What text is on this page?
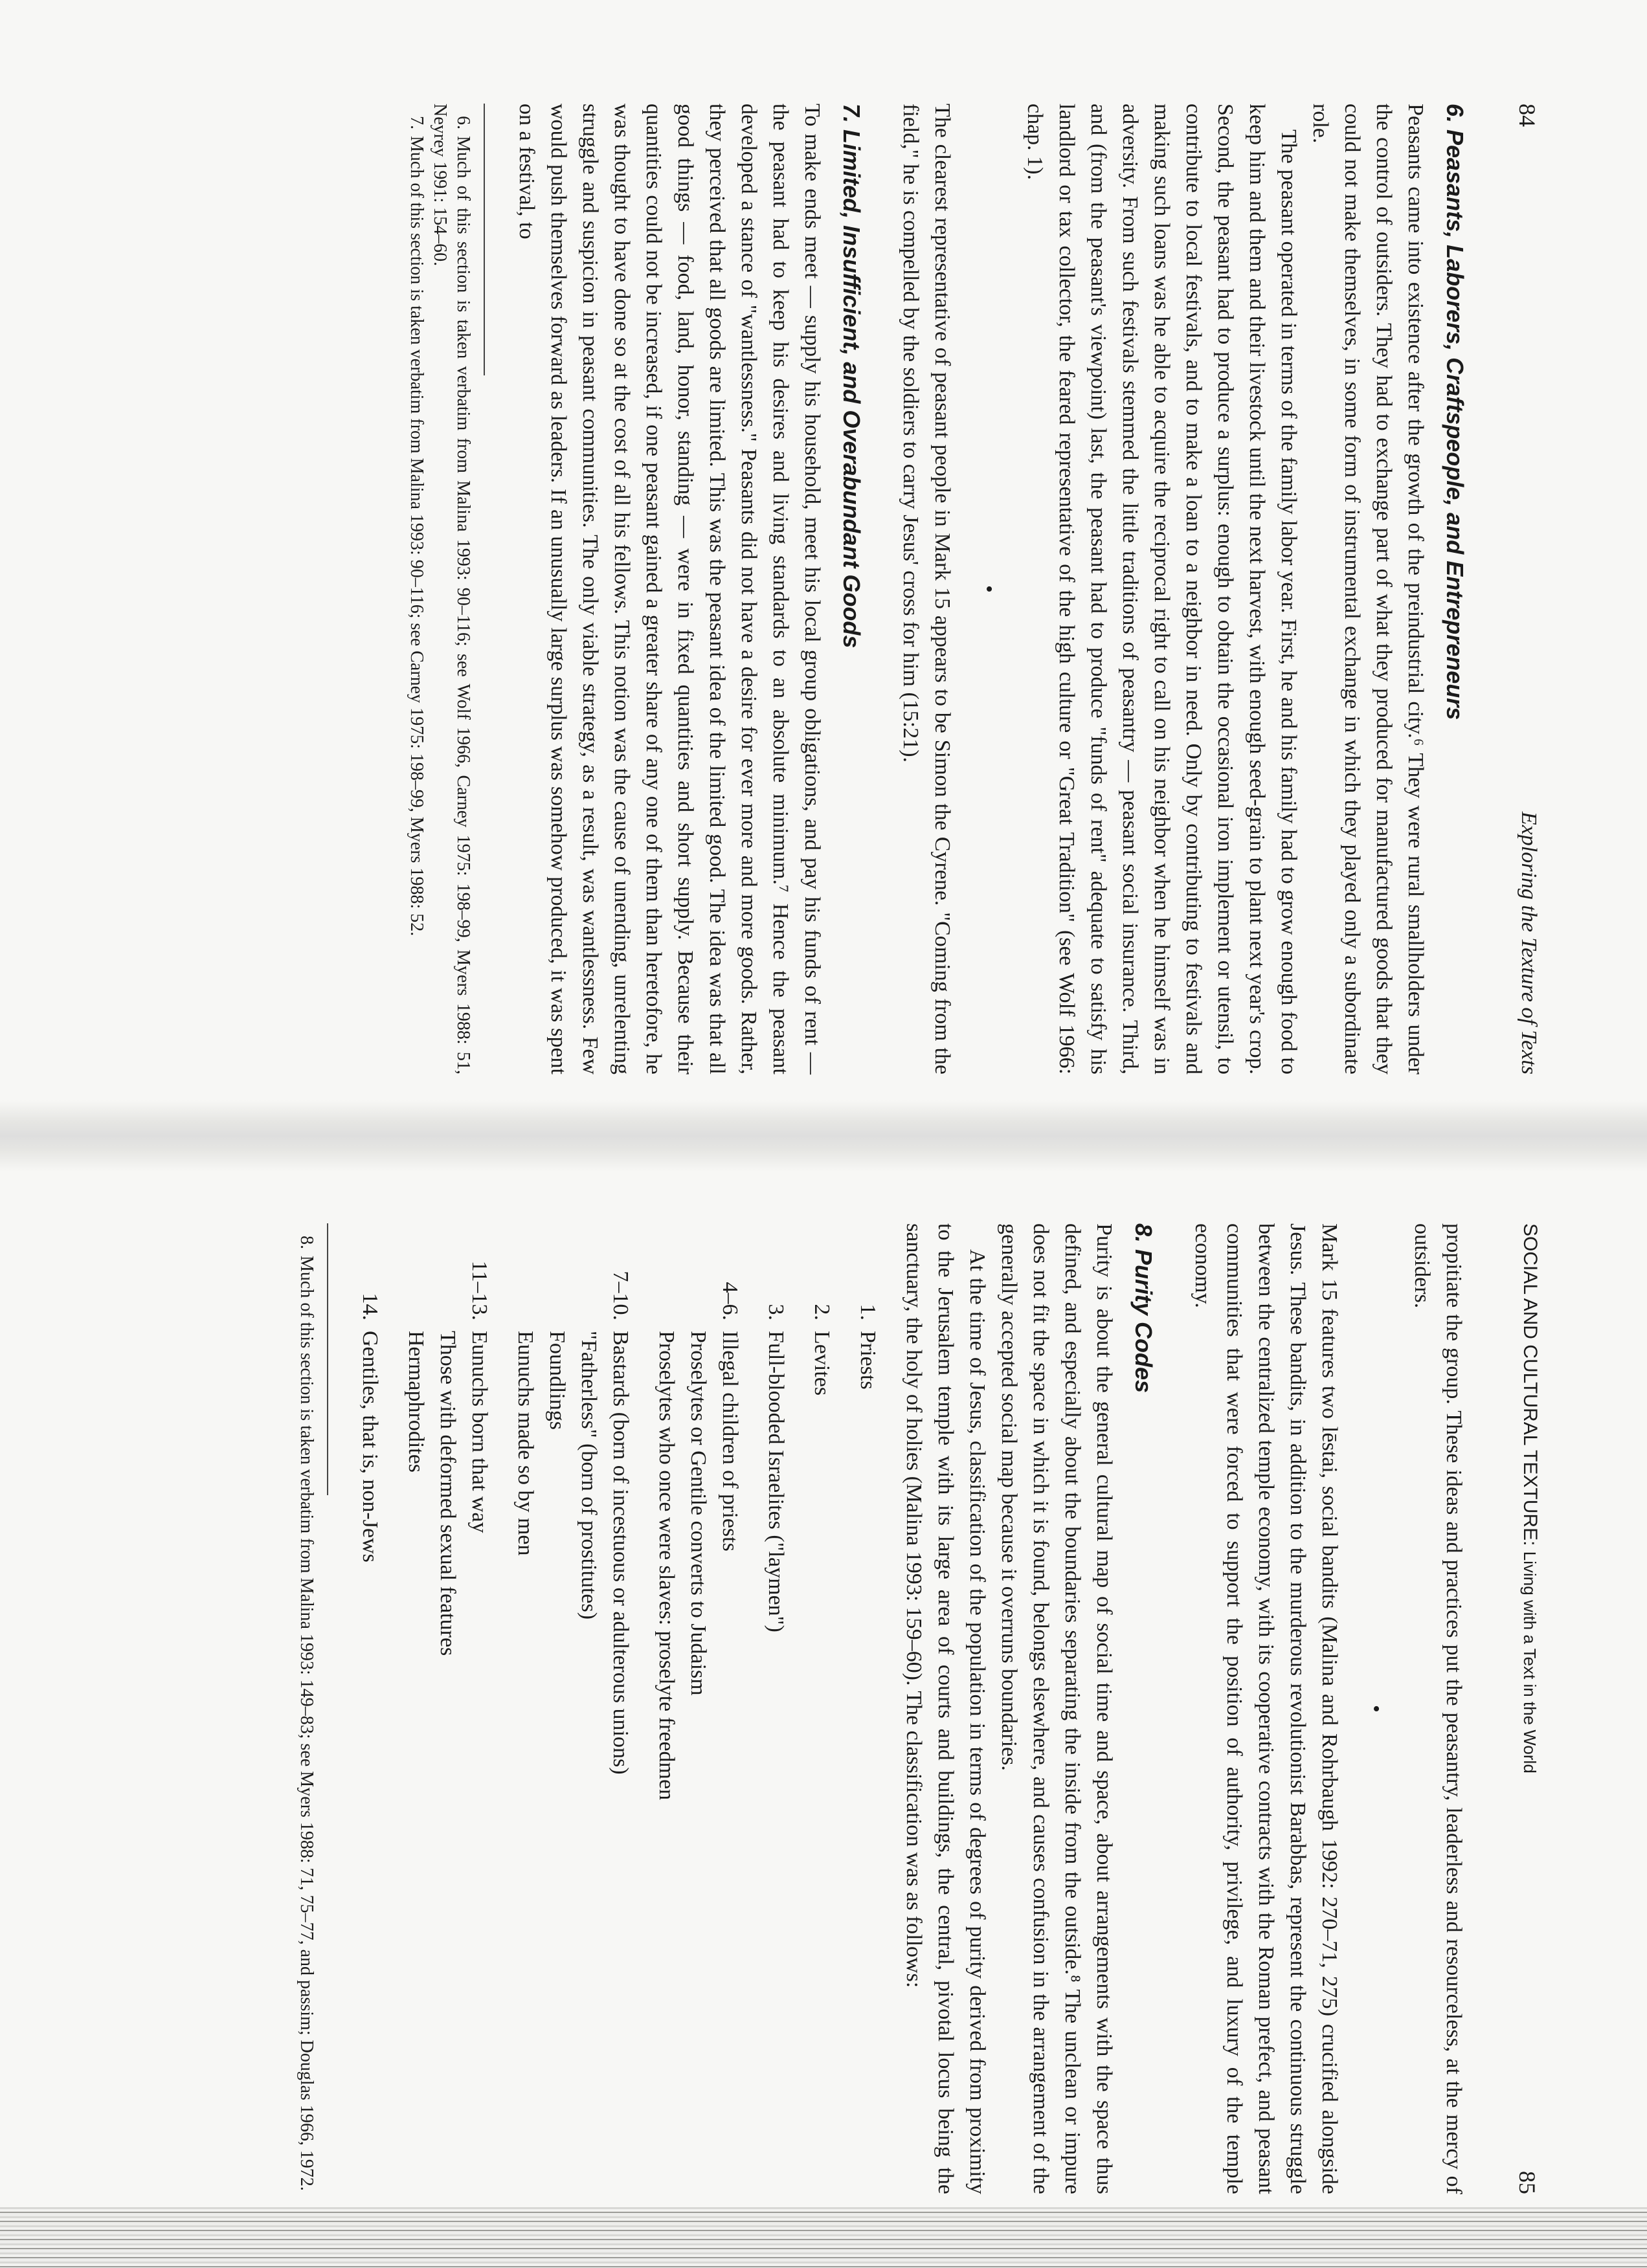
84
Exploring the Texture of Texts
6. Peasants, Laborers, Craftspeople, and Entrepreneurs

Peasants came into existence after the growth of the preindustrial city.⁶ They were rural smallholders under the control of outsiders. They had to exchange part of what they produced for manufactured goods that they could not make themselves, in some form of instrumental exchange in which they played only a subordinate role.

The peasant operated in terms of the family labor year. First, he and his family had to grow enough food to keep him and them and their livestock until the next harvest, with enough seed-grain to plant next year's crop. Second, the peasant had to produce a surplus: enough to obtain the occasional iron implement or utensil, to contribute to local festivals, and to make a loan to a neighbor in need. Only by contributing to festivals and making such loans was he able to acquire the reciprocal right to call on his neighbor when he himself was in adversity. From such festivals stemmed the little traditions of peasantry — peasant social insurance. Third, and (from the peasant's viewpoint) last, the peasant had to produce "funds of rent" adequate to satisfy his landlord or tax collector, the feared representative of the high culture or "Great Tradition" (see Wolf 1966: chap. 1).

•

The clearest representative of peasant people in Mark 15 appears to be Simon the Cyrene. "Coming from the field," he is compelled by the soldiers to carry Jesus' cross for him (15:21).

7. Limited, Insufficient, and Overabundant Goods

To make ends meet — supply his household, meet his local group obligations, and pay his funds of rent — the peasant had to keep his desires and living standards to an absolute minimum.⁷ Hence the peasant developed a stance of "wantlessness." Peasants did not have a desire for ever more and more goods. Rather, they perceived that all goods are limited. This was the peasant idea of the limited good. The idea was that all good things — food, land, honor, standing — were in fixed quantities and short supply. Because their quantities could not be increased, if one peasant gained a greater share of any one of them than heretofore, he was thought to have done so at the cost of all his fellows. This notion was the cause of unending, unrelenting struggle and suspicion in peasant communities. The only viable strategy, as a result, was wantlessness. Few would push themselves forward as leaders. If an unusually large surplus was somehow produced, it was spent on a festival, to

6.Much of this section is taken verbatim from Malina 1993: 90–116; see Wolf 1966, Carney 1975: 198–99, Myers 1988: 51, Neyrey 1991: 154–60.

7.Much of this section is taken verbatim from Malina 1993: 90–116; see Carney 1975: 198–99, Myers 1988: 52.

SOCIAL AND CULTURAL TEXTURE: Living with a Text in the World
85

propitiate the group. These ideas and practices put the peasantry, leaderless and resourceless, at the mercy of outsiders.

•

Mark 15 features two lēstai, social bandits (Malina and Rohrbaugh 1992: 270–71, 275) crucified alongside Jesus. These bandits, in addition to the murderous revolutionist Barabbas, represent the continuous struggle between the centralized temple economy, with its cooperative contracts with the Roman prefect, and peasant communities that were forced to support the position of authority, privilege, and luxury of the temple economy.

8. Purity Codes

Purity is about the general cultural map of social time and space, about arrangements with the space thus defined, and especially about the boundaries separating the inside from the outside.⁸ The unclean or impure does not fit the space in which it is found, belongs elsewhere, and causes confusion in the arrangement of the generally accepted social map because it overruns boundaries.

At the time of Jesus, classification of the population in terms of degrees of purity derived from proximity to the Jerusalem temple with its large area of courts and buildings, the central, pivotal locus being the sanctuary, the holy of holies (Malina 1993: 159–60). The classification was as follows:

1.
Priests
2.
Levites
3.
Full-blooded Israelites ("laymen")
4–6.
Illegal children of priests
Proselytes or Gentile converts to Judaism
Proselytes who once were slaves: proselyte freedmen
7–10.
Bastards (born of incestuous or adulterous unions)
"Fatherless" (born of prostitutes)
Foundlings
Eunuchs made so by men
11–13.
Eunuchs born that way
Those with deformed sexual features
Hermaphrodites
14.
Gentiles, that is, non-Jews

8.Much of this section is taken verbatim from Malina 1993: 149–83; see Myers 1988: 71, 75–77, and passim; Douglas 1966, 1972.
